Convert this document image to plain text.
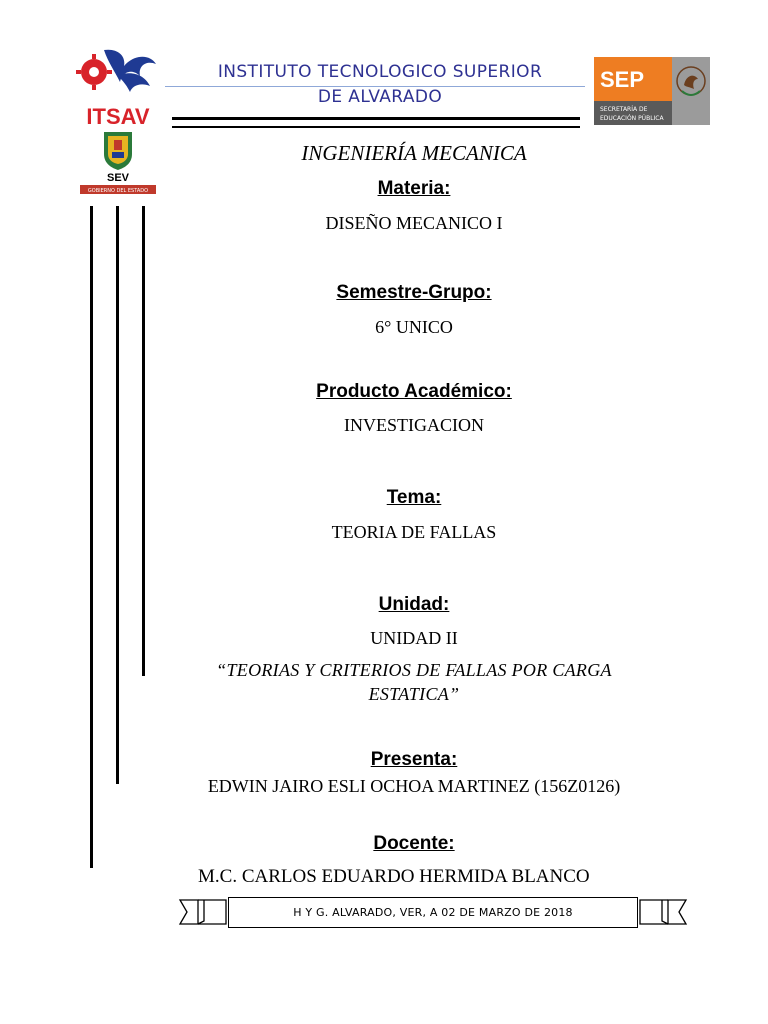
ITSAV
SEV
GOBIERNO DEL ESTADO
INSTITUTO TECNOLOGICO SUPERIOR
DE ALVARADO
SEP
SECRETARÍA DE
EDUCACIÓN PÚBLICA
INGENIERÍA MECANICA
Materia:
DISEÑO MECANICO I
Semestre-Grupo:
6° UNICO
Producto Académico:
INVESTIGACION
Tema:
TEORIA DE FALLAS
Unidad:
UNIDAD II
“TEORIAS Y CRITERIOS DE FALLAS POR CARGA
ESTATICA”
Presenta:
EDWIN JAIRO ESLI OCHOA MARTINEZ (156Z0126)
Docente:
M.C. CARLOS EDUARDO HERMIDA BLANCO
H Y G. ALVARADO, VER, A 02 DE MARZO DE 2018
